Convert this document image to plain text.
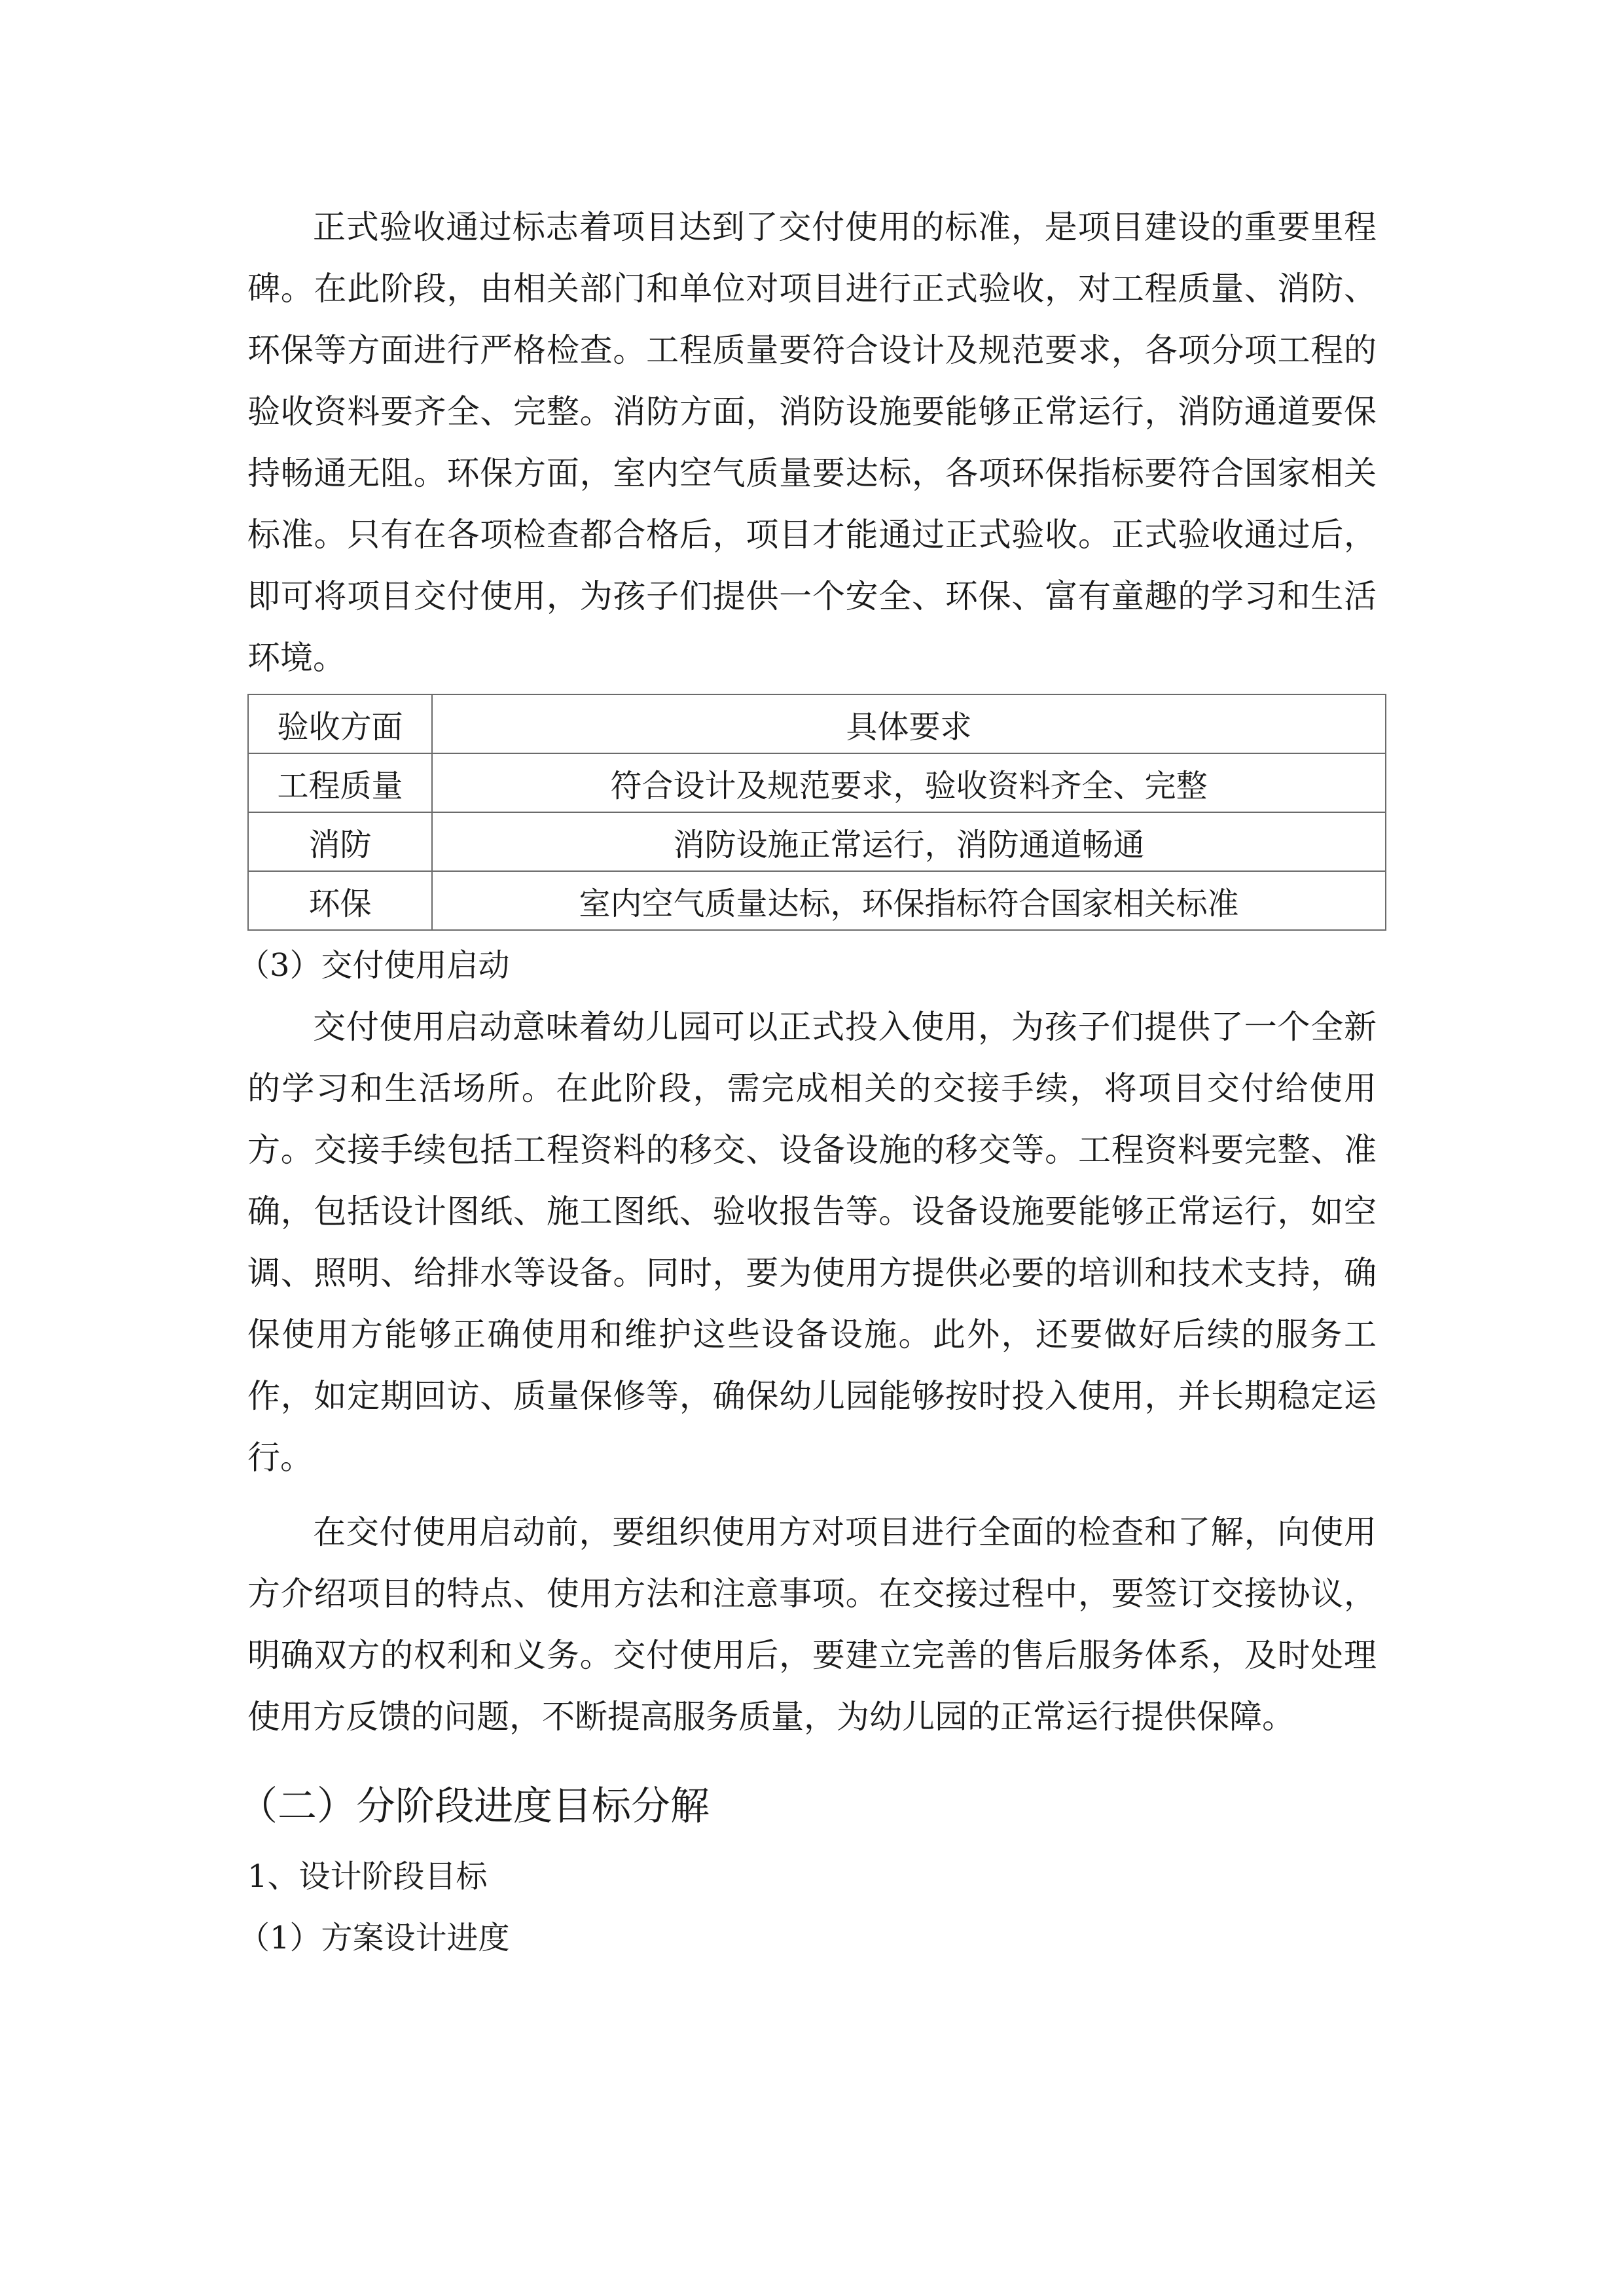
正式验收通过标志着项目达到了交付使用的标准，是项目建设的重要里程碑。在此阶段，由相关部门和单位对项目进行正式验收，对工程质量、消防、环保等方面进行严格检查。工程质量要符合设计及规范要求，各项分项工程的验收资料要齐全、完整。消防方面，消防设施要能够正常运行，消防通道要保持畅通无阻。环保方面，室内空气质量要达标，各项环保指标要符合国家相关标准。只有在各项检查都合格后，项目才能通过正式验收。正式验收通过后，即可将项目交付使用，为孩子们提供一个安全、环保、富有童趣的学习和生活环境。

验收方面	具体要求
工程质量	符合设计及规范要求，验收资料齐全、完整
消防	消防设施正常运行，消防通道畅通
环保	室内空气质量达标，环保指标符合国家相关标准
（3）交付使用启动

交付使用启动意味着幼儿园可以正式投入使用，为孩子们提供了一个全新的学习和生活场所。在此阶段，需完成相关的交接手续，将项目交付给使用方。交接手续包括工程资料的移交、设备设施的移交等。工程资料要完整、准确，包括设计图纸、施工图纸、验收报告等。设备设施要能够正常运行，如空调、照明、给排水等设备。同时，要为使用方提供必要的培训和技术支持，确保使用方能够正确使用和维护这些设备设施。此外，还要做好后续的服务工作，如定期回访、质量保修等，确保幼儿园能够按时投入使用，并长期稳定运行。

在交付使用启动前，要组织使用方对项目进行全面的检查和了解，向使用方介绍项目的特点、使用方法和注意事项。在交接过程中，要签订交接协议，明确双方的权利和义务。交付使用后，要建立完善的售后服务体系，及时处理使用方反馈的问题，不断提高服务质量，为幼儿园的正常运行提供保障。

（二）分阶段进度目标分解
1、设计阶段目标
（1）方案设计进度
